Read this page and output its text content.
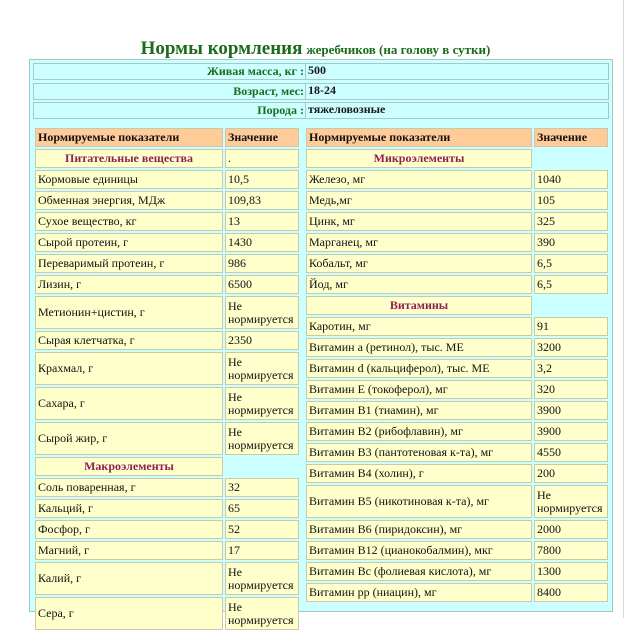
Нормы кормления жеребчиков (на голову в сутки)
Живая масса, кг : 500
Возраст, мес: 18-24
Порода : тяжеловозные
Нормируемые показатели	Значение
Питательные вещества	.
Кормовые единицы	10,5
Обменная энергия, МДж	109,83
Сухое вещество, кг	13
Сырой протеин, г	1430
Переваримый протеин, г	986
Лизин, г	6500
Метионин+цистин, г	Не нормируется
Сырая клетчатка, г	2350
Крахмал, г	Не нормируется
Сахара, г	Не нормируется
Сырой жир, г	Не нормируется
Макроэлементы	
Соль поваренная, г	32
Кальций, г	65
Фосфор, г	52
Магний, г	17
Калий, г	Не нормируется
Сера, г	Не нормируется
Нормируемые показатели	Значение
Микроэлементы	
Железо, мг	1040
Медь,мг	105
Цинк, мг	325
Марганец, мг	390
Кобальт, мг	6,5
Йод, мг	6,5
Витамины	
Каротин, мг	91
Витамин а (ретинол), тыс. МЕ	3200
Витамин d (кальциферол), тыс. МЕ	3,2
Витамин Е (токоферол), мг	320
Витамин В1 (тиамин), мг	3900
Витамин В2 (рибофлавин), мг	3900
Витамин В3 (пантотеновая к-та), мг	4550
Витамин В4 (холин), г	200
Витамин В5 (никотиновая к-та), мг	Не нормируется
Витамин В6 (пиридоксин), мг	2000
Витамин В12 (цианокобалмин), мкг	7800
Витамин Вс (фолиевая кислота), мг	1300
Витамин рр (ниацин), мг	8400
